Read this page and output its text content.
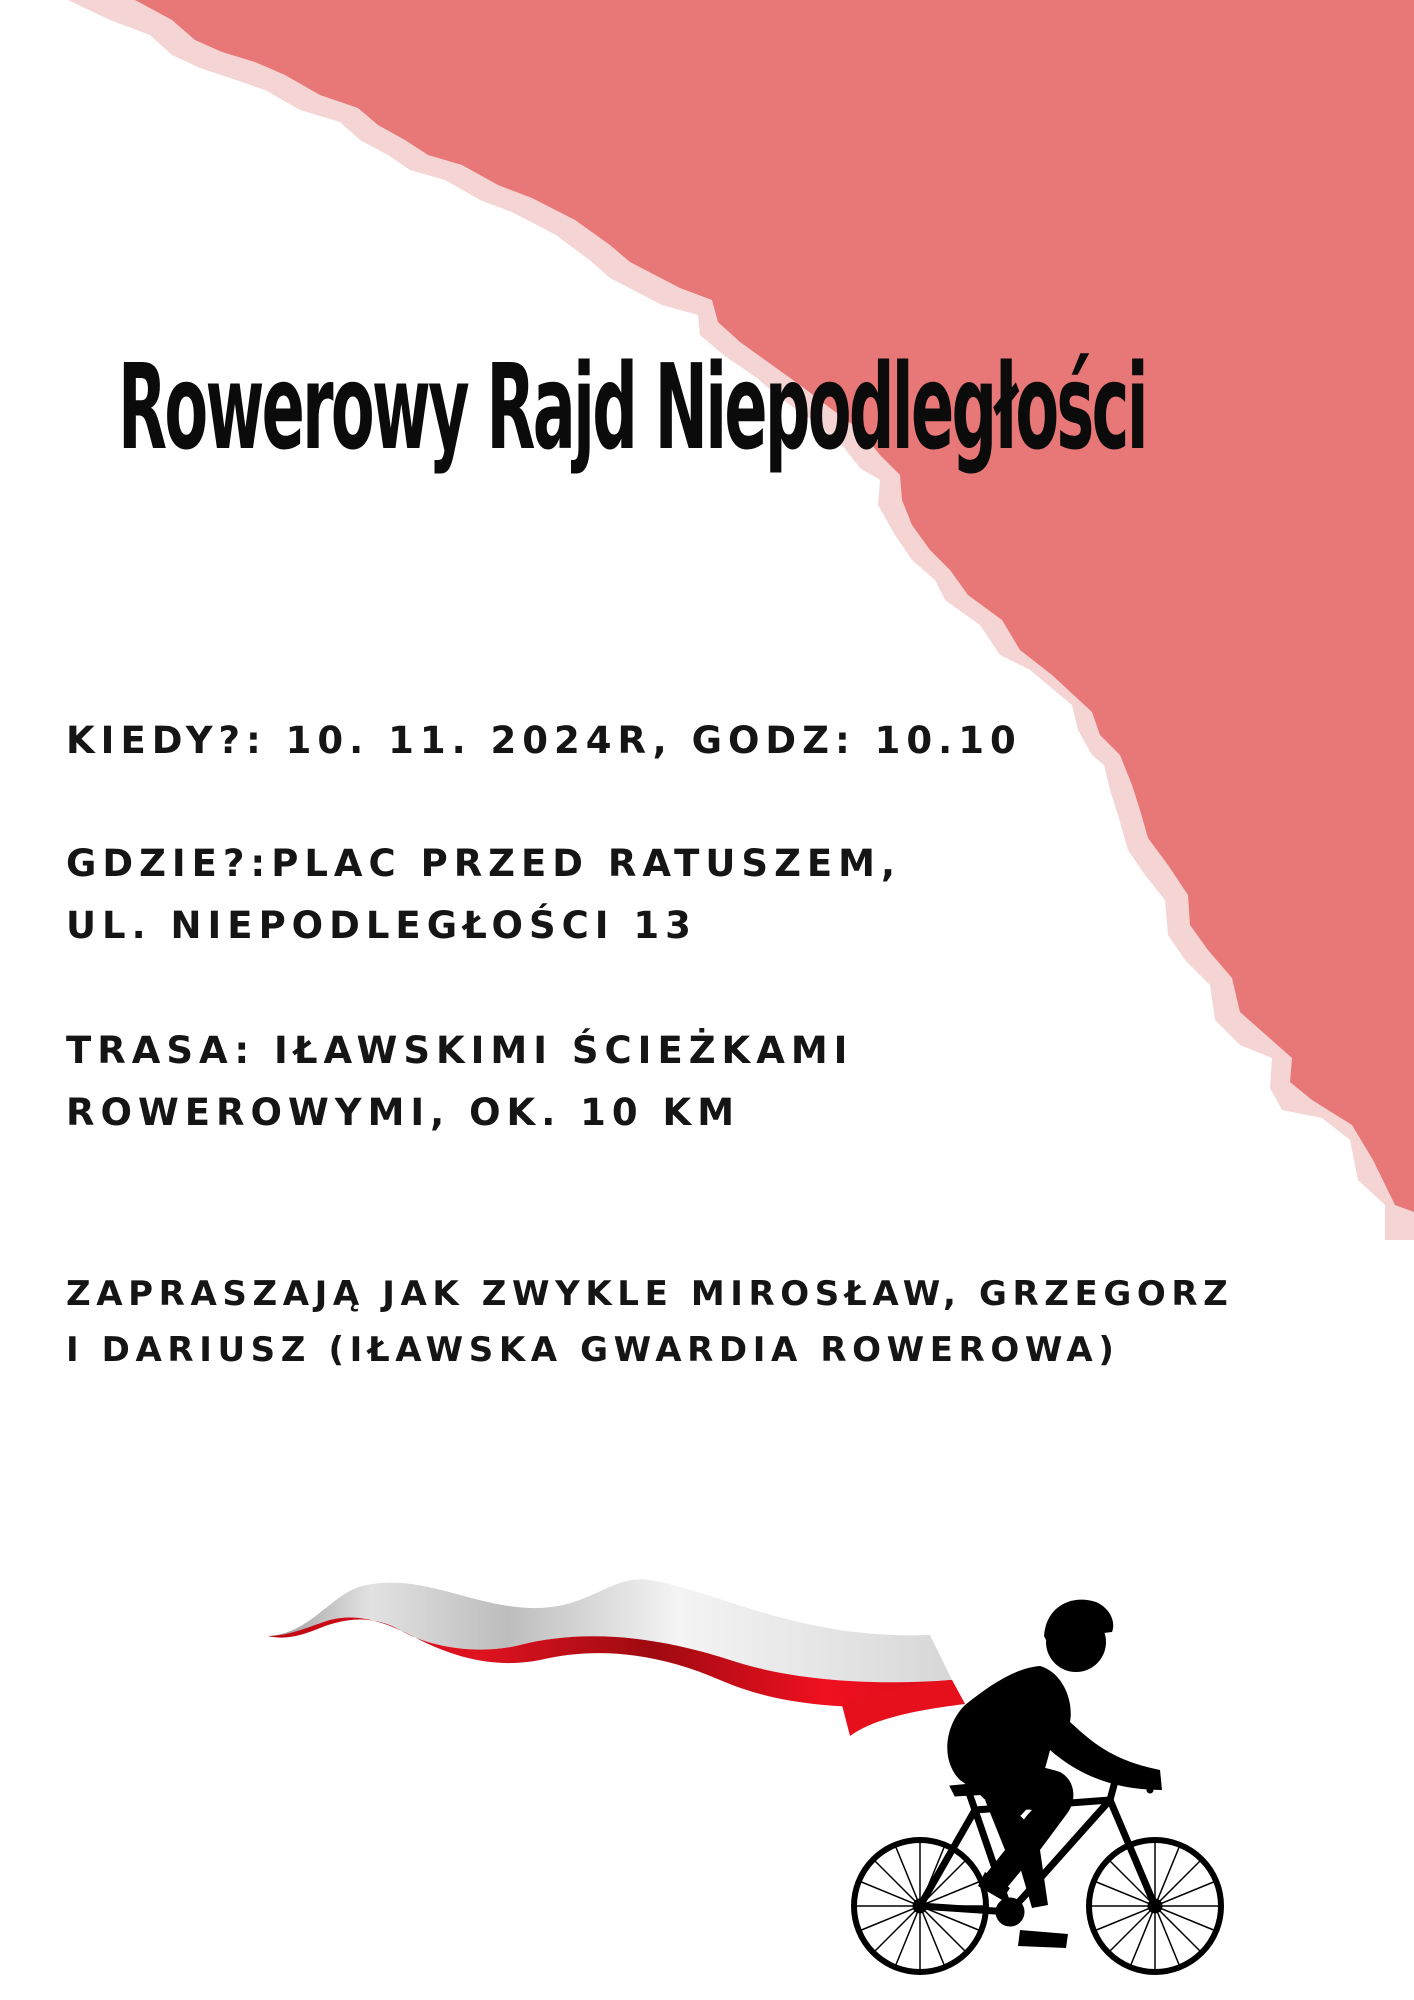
Rowerowy Rajd Niepodległości

KIEDY?: 10. 11. 2024R, GODZ: 10.10

GDZIE?:PLAC PRZED RATUSZEM,
UL. NIEPODLEGŁOŚCI 13

TRASA: IŁAWSKIMI ŚCIEŻKAMI
ROWEROWYMI, OK. 10 KM

ZAPRASZAJĄ JAK ZWYKLE MIROSŁAW, GRZEGORZ
I DARIUSZ (IŁAWSKA GWARDIA ROWEROWA)
